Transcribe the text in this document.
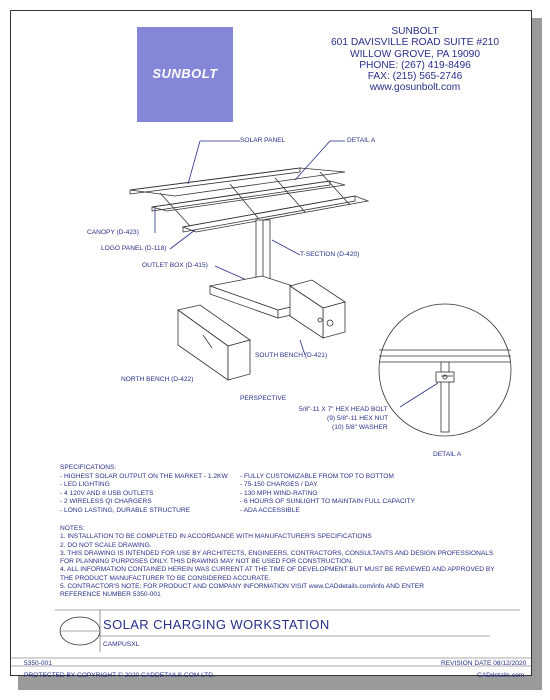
SUNBOLT
SUNBOLT
601 DAVISVILLE ROAD SUITE #210
WILLOW GROVE, PA 19090
PHONE: (267) 419-8496
FAX: (215) 565-2746
www.gosunbolt.com
SOLAR PANEL	DETAIL A
CANOPY (D-423)
LOGO PANEL (D-118)
OUTLET BOX (D-415)
T-SECTION (D-420)
SOUTH BENCH (D-421)
NORTH BENCH (D-422)
PERSPECTIVE
5/8"-11 X 7" HEX HEAD BOLT
(9) 5/8"-11 HEX NUT
(10) 5/8" WASHER
DETAIL A
SPECIFICATIONS:
- HIGHEST SOLAR OUTPUT ON THE MARKET - 1.2KW
- LED LIGHTING
- 4 120V AND 8 USB OUTLETS
- 2 WIRELESS QI CHARGERS
- LONG LASTING, DURABLE STRUCTURE
- FULLY CUSTOMIZABLE FROM TOP TO BOTTOM
- 75-150 CHARGES / DAY
- 130 MPH WIND-RATING
- 6 HOURS OF SUNLIGHT TO MAINTAIN FULL CAPACITY
- ADA ACCESSIBLE
NOTES:
1. INSTALLATION TO BE COMPLETED IN ACCORDANCE WITH MANUFACTURER'S SPECIFICATIONS
2. DO NOT SCALE DRAWING.
3. THIS DRAWING IS INTENDED FOR USE BY ARCHITECTS, ENGINEERS, CONTRACTORS, CONSULTANTS AND DESIGN PROFESSIONALS
FOR PLANNING PURPOSES ONLY. THIS DRAWING MAY NOT BE USED FOR CONSTRUCTION.
4. ALL INFORMATION CONTAINED HEREIN WAS CURRENT AT THE TIME OF DEVELOPMENT BUT MUST BE REVIEWED AND APPROVED BY
THE PRODUCT MANUFACTURER TO BE CONSIDERED ACCURATE.
5. CONTRACTOR'S NOTE: FOR PRODUCT AND COMPANY INFORMATION VISIT www.CADdetails.com/info AND ENTER
REFERENCE NUMBER 5350-001
SOLAR CHARGING WORKSTATION
CAMPUSXL
5350-001	REVISION DATE 08/12/2020
PROTECTED BY COPYRIGHT © 2020 CADDETAILS.COM LTD.	CADdetails.com
